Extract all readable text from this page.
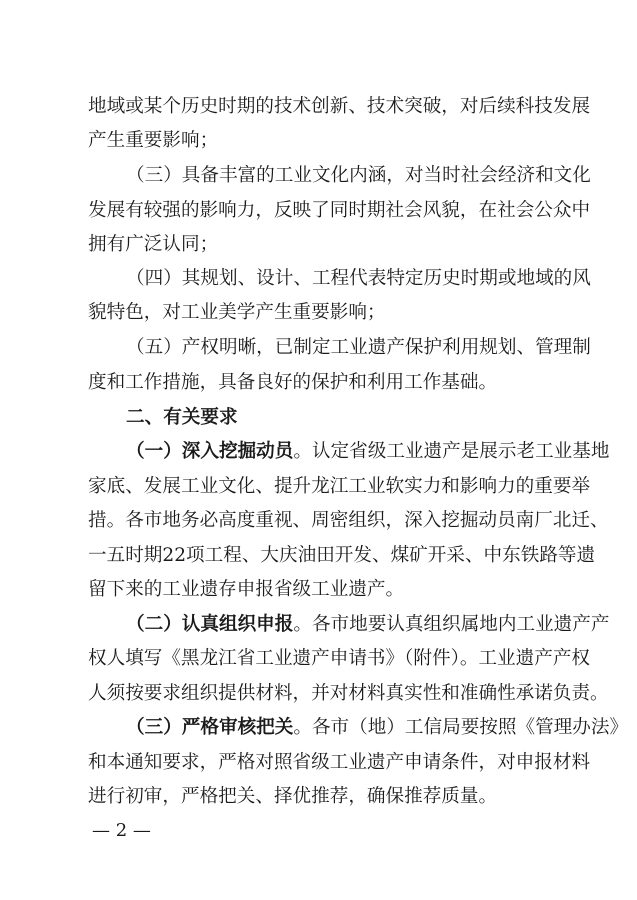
地域或某个历史时期的技术创新、技术突破，对后续科技发展
产生重要影响；
（三）具备丰富的工业文化内涵，对当时社会经济和文化
发展有较强的影响力，反映了同时期社会风貌，在社会公众中
拥有广泛认同；
（四）其规划、设计、工程代表特定历史时期或地域的风
貌特色，对工业美学产生重要影响；
（五）产权明晰，已制定工业遗产保护利用规划、管理制
度和工作措施，具备良好的保护和利用工作基础。
二、有关要求
（一）深入挖掘动员。认定省级工业遗产是展示老工业基地
家底、发展工业文化、提升龙江工业软实力和影响力的重要举
措。各市地务必高度重视、周密组织，深入挖掘动员南厂北迁、
一五时期22项工程、大庆油田开发、煤矿开采、中东铁路等遗
留下来的工业遗存申报省级工业遗产。
（二）认真组织申报。各市地要认真组织属地内工业遗产产
权人填写《黑龙江省工业遗产申请书》（附件）。工业遗产产权
人须按要求组织提供材料，并对材料真实性和准确性承诺负责。
（三）严格审核把关。各市（地）工信局要按照《管理办法》
和本通知要求，严格对照省级工业遗产申请条件，对申报材料
进行初审，严格把关、择优推荐，确保推荐质量。
— 2 —
